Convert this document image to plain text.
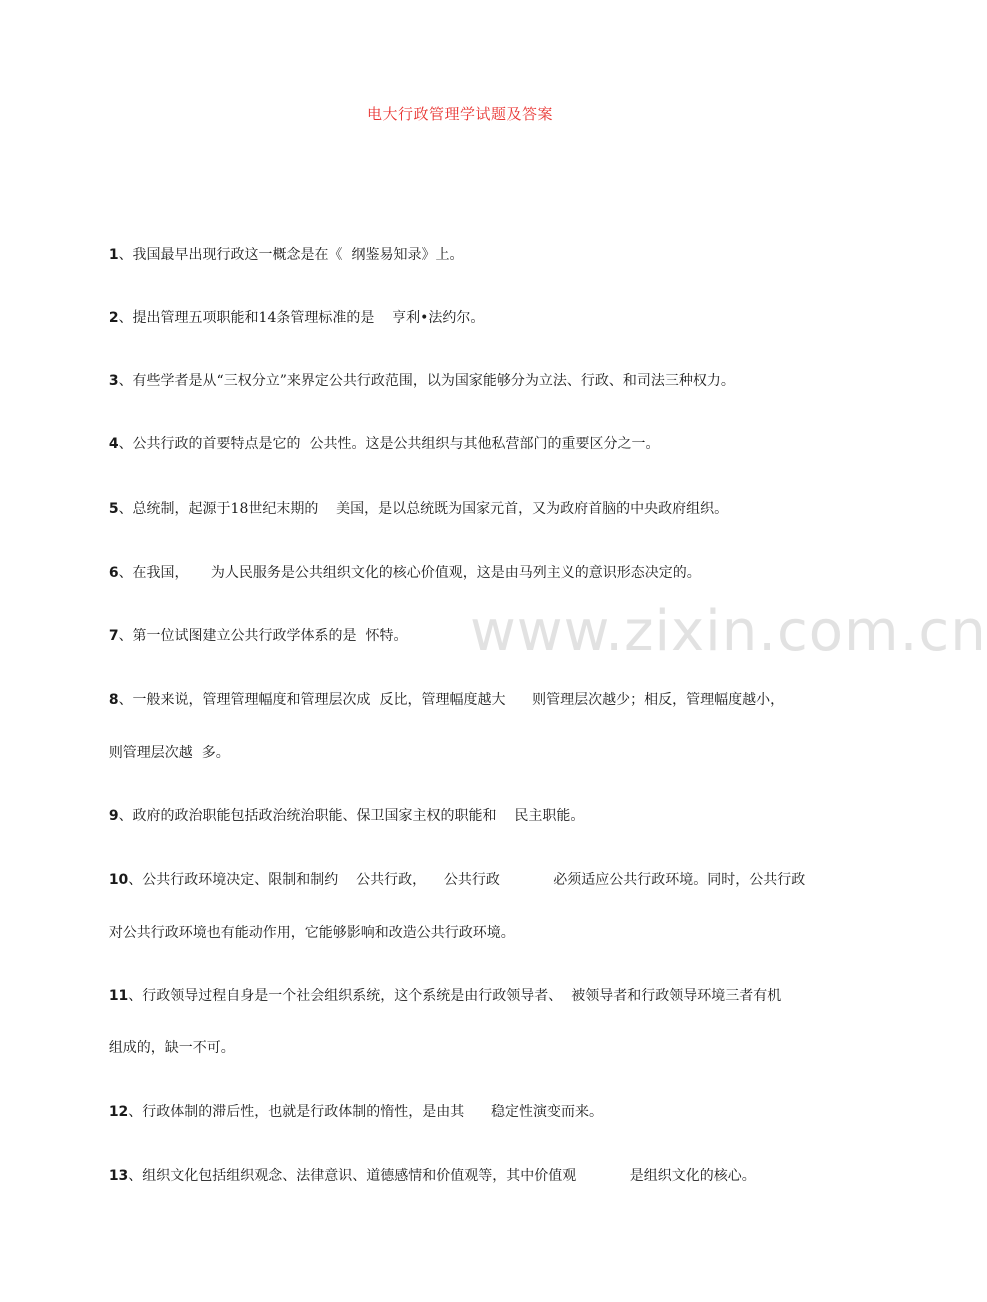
电大行政管理学试题及答案
www.zixin.com.cn

1、我国最早出现行政这一概念是在《  纲鉴易知录》上。

2、提出管理五项职能和14条管理标准的是    亨利•法约尔。

3、有些学者是从“三权分立”来界定公共行政范围，以为国家能够分为立法、行政、和司法三种权力。

4、公共行政的首要特点是它的  公共性。这是公共组织与其他私营部门的重要区分之一。

5、总统制，起源于18世纪末期的    美国，是以总统既为国家元首，又为政府首脑的中央政府组织。

6、在我国，     为人民服务是公共组织文化的核心价值观，这是由马列主义的意识形态决定的。

7、第一位试图建立公共行政学体系的是  怀特。

8、一般来说，管理管理幅度和管理层次成  反比，管理幅度越大      则管理层次越少；相反，管理幅度越小，

则管理层次越  多。

9、政府的政治职能包括政治统治职能、保卫国家主权的职能和    民主职能。

10、公共行政环境决定、限制和制约    公共行政，    公共行政            必须适应公共行政环境。同时，公共行政

对公共行政环境也有能动作用，它能够影响和改造公共行政环境。

11、行政领导过程自身是一个社会组织系统，这个系统是由行政领导者、  被领导者和行政领导环境三者有机

组成的，缺一不可。

12、行政体制的滞后性，也就是行政体制的惰性，是由其      稳定性演变而来。

13、组织文化包括组织观念、法律意识、道德感情和价值观等，其中价值观            是组织文化的核心。
